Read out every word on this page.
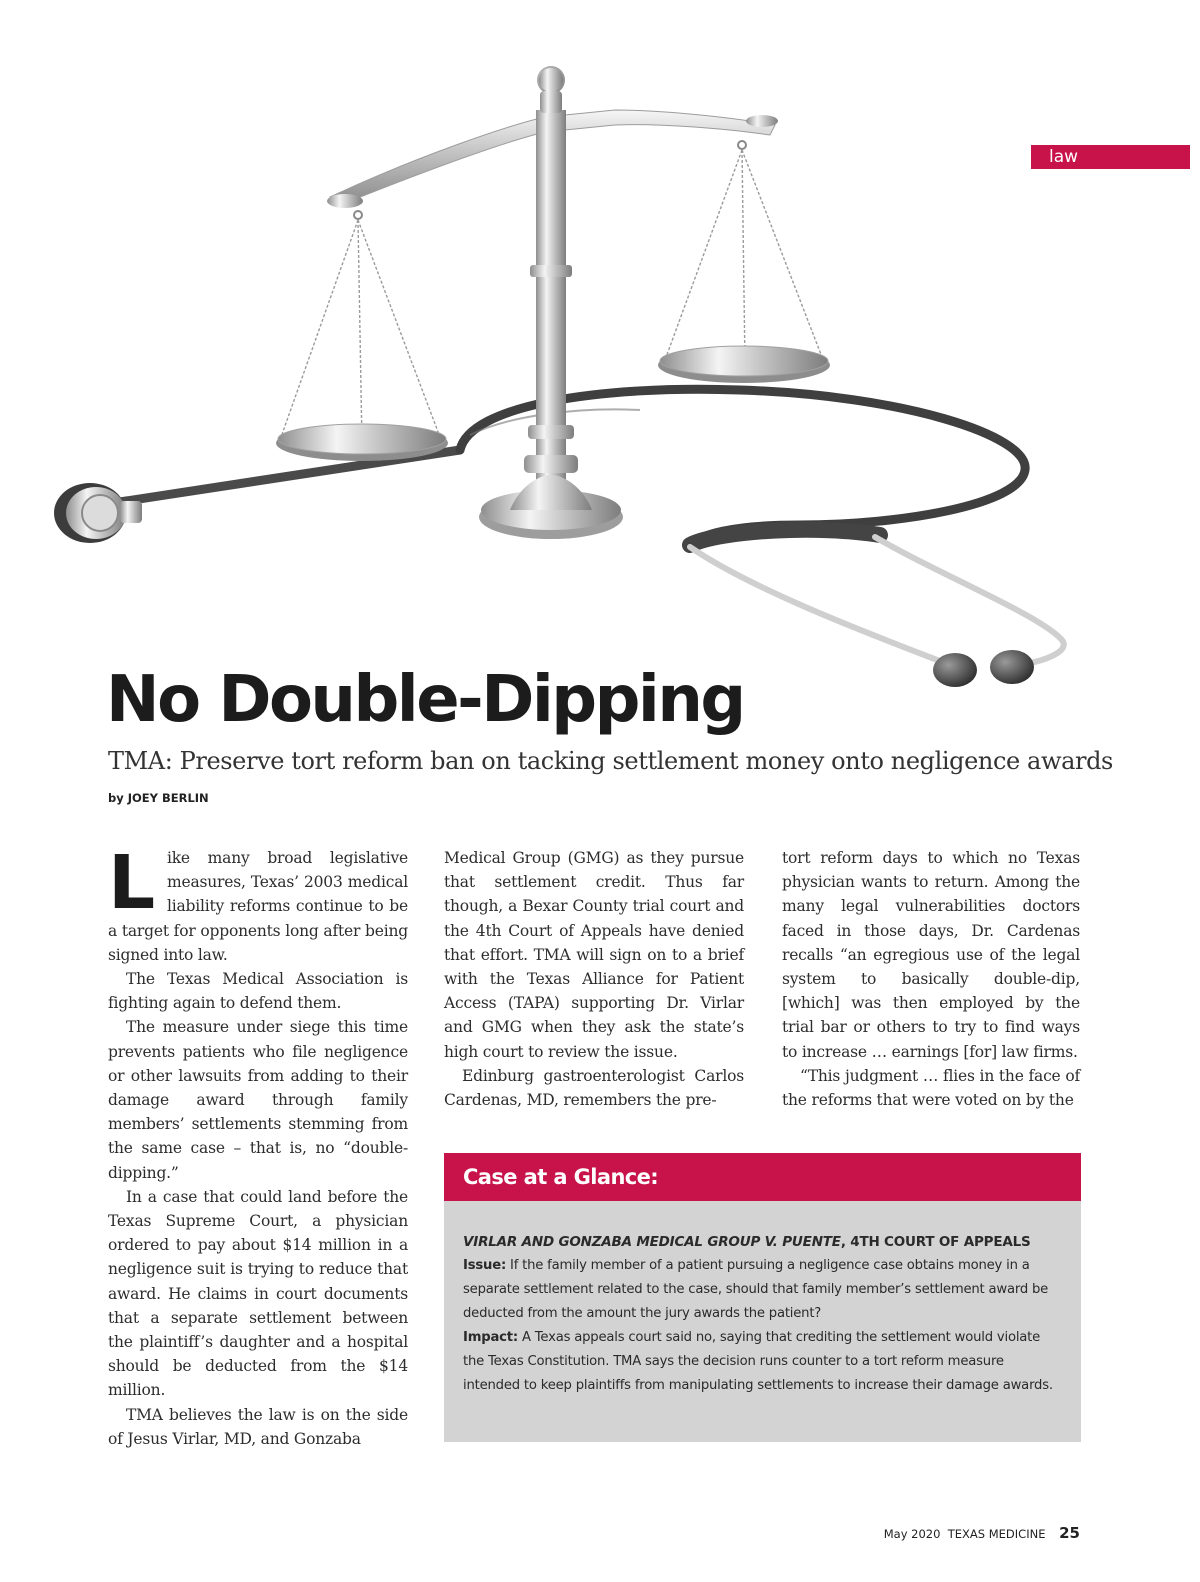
law
No Double-Dipping
TMA: Preserve tort reform ban on tacking settlement money onto negligence awards
by JOEY BERLIN

Like many broad legislative measures, Texas’ 2003 medical liability reforms continue to be a target for opponents long after being signed into law.

The Texas Medical Association is fighting again to defend them.

The measure under siege this time prevents patients who file negligence or other lawsuits from adding to their damage award through family members’ settlements stemming from the same case – that is, no “double-dipping.”

In a case that could land before the Texas Supreme Court, a physician ordered to pay about $14 million in a negligence suit is trying to reduce that award. He claims in court documents that a separate settlement between the plaintiff’s daughter and a hospital should be deducted from the $14 million.

TMA believes the law is on the side of Jesus Virlar, MD, and Gonzaba

Medical Group (GMG) as they pursue that settlement credit. Thus far though, a Bexar County trial court and the 4th Court of Appeals have denied that effort. TMA will sign on to a brief with the Texas Alliance for Patient Access (TAPA) supporting Dr. Virlar and GMG when they ask the state’s high court to review the issue.

Edinburg gastroenterologist Carlos Cardenas, MD, remembers the pre-

tort reform days to which no Texas physician wants to return. Among the many legal vulnerabilities doctors faced in those days, Dr. Cardenas recalls “an egregious use of the legal system to basically double-dip, [which] was then employed by the trial bar or others to try to find ways to increase … earnings [for] law firms.

“This judgment … flies in the face of the reforms that were voted on by the

Case at a Glance:
VIRLAR AND GONZABA MEDICAL GROUP V. PUENTE, 4TH COURT OF APPEALS
Issue: If the family member of a patient pursuing a negligence case obtains money in a separate settlement related to the case, should that family member’s settlement award be deducted from the amount the jury awards the patient?
Impact: A Texas appeals court said no, saying that crediting the settlement would violate the Texas Constitution. TMA says the decision runs counter to a tort reform measure intended to keep plaintiffs from manipulating settlements to increase their damage awards.
May 2020 TEXAS MEDICINE 25
